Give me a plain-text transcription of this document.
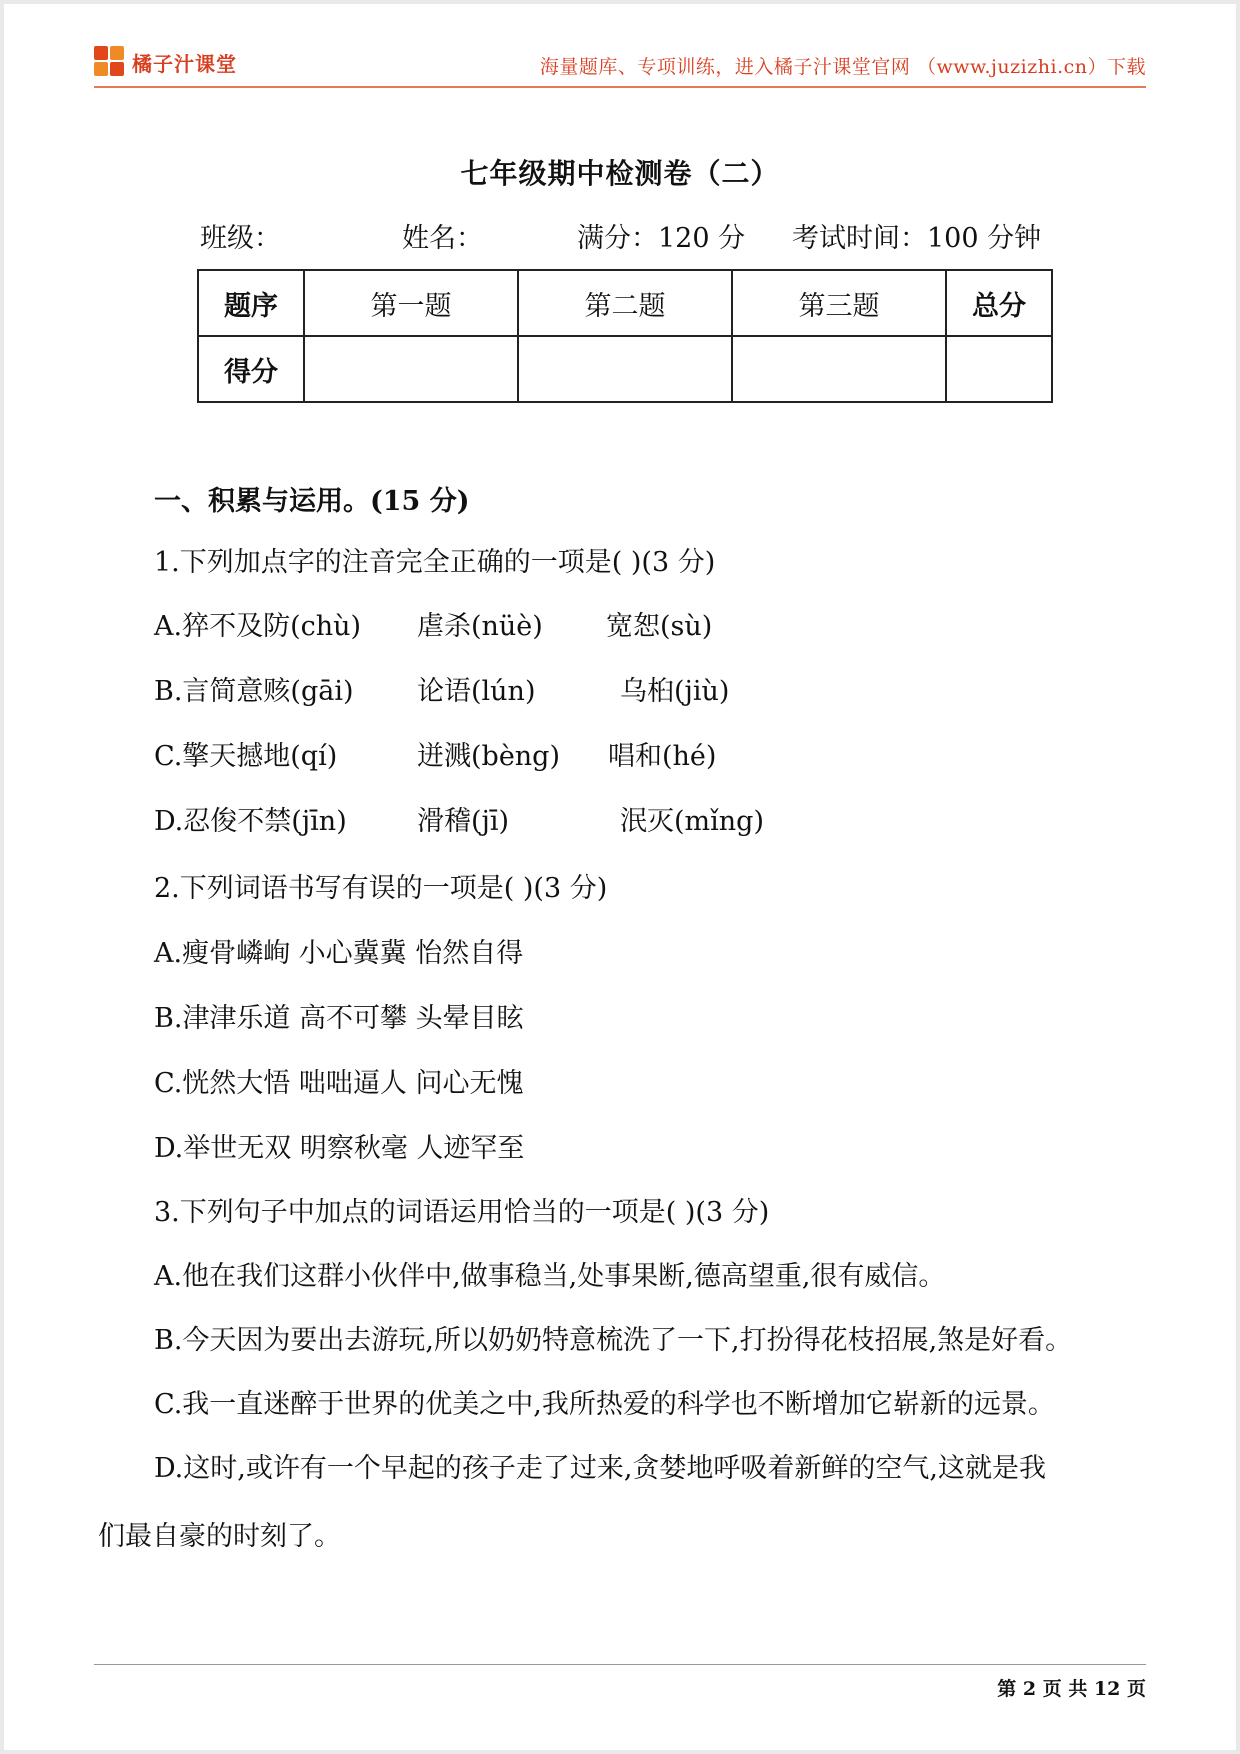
橘子汁课堂	海量题库、专项训练，进入橘子汁课堂官网 （www.juzizhi.cn）下载
七年级期中检测卷（二）
班级：	姓名：	满分：120 分 考试时间：100 分钟
题序	第一题	第二题	第三题	总分
得分				
一、积累与运用。(15 分)
1.下列加点字的注音完全正确的一项是( )(3 分)
A.猝不及防(chù) 虐杀(nüè) 宽恕(sù)
B.言简意赅(gāi) 论语(lún)	乌桕(jiù)
C.擎天撼地(qí)	迸溅(bèng) 唱和(hé)
D.忍俊不禁(jīn)	滑稽(jī)	泯灭(mǐng)
2.下列词语书写有误的一项是( )(3 分)
A.瘦骨嶙峋 小心冀冀 怡然自得
B.津津乐道 高不可攀 头晕目眩
C.恍然大悟 咄咄逼人 问心无愧
D.举世无双 明察秋毫 人迹罕至
3.下列句子中加点的词语运用恰当的一项是( )(3 分)
A.他在我们这群小伙伴中,做事稳当,处事果断,德高望重,很有威信。
B.今天因为要出去游玩,所以奶奶特意梳洗了一下,打扮得花枝招展,煞是好看。
C.我一直迷醉于世界的优美之中,我所热爱的科学也不断增加它崭新的远景。
D.这时,或许有一个早起的孩子走了过来,贪婪地呼吸着新鲜的空气,这就是我
们最自豪的时刻了。
第 2 页 共 12 页
